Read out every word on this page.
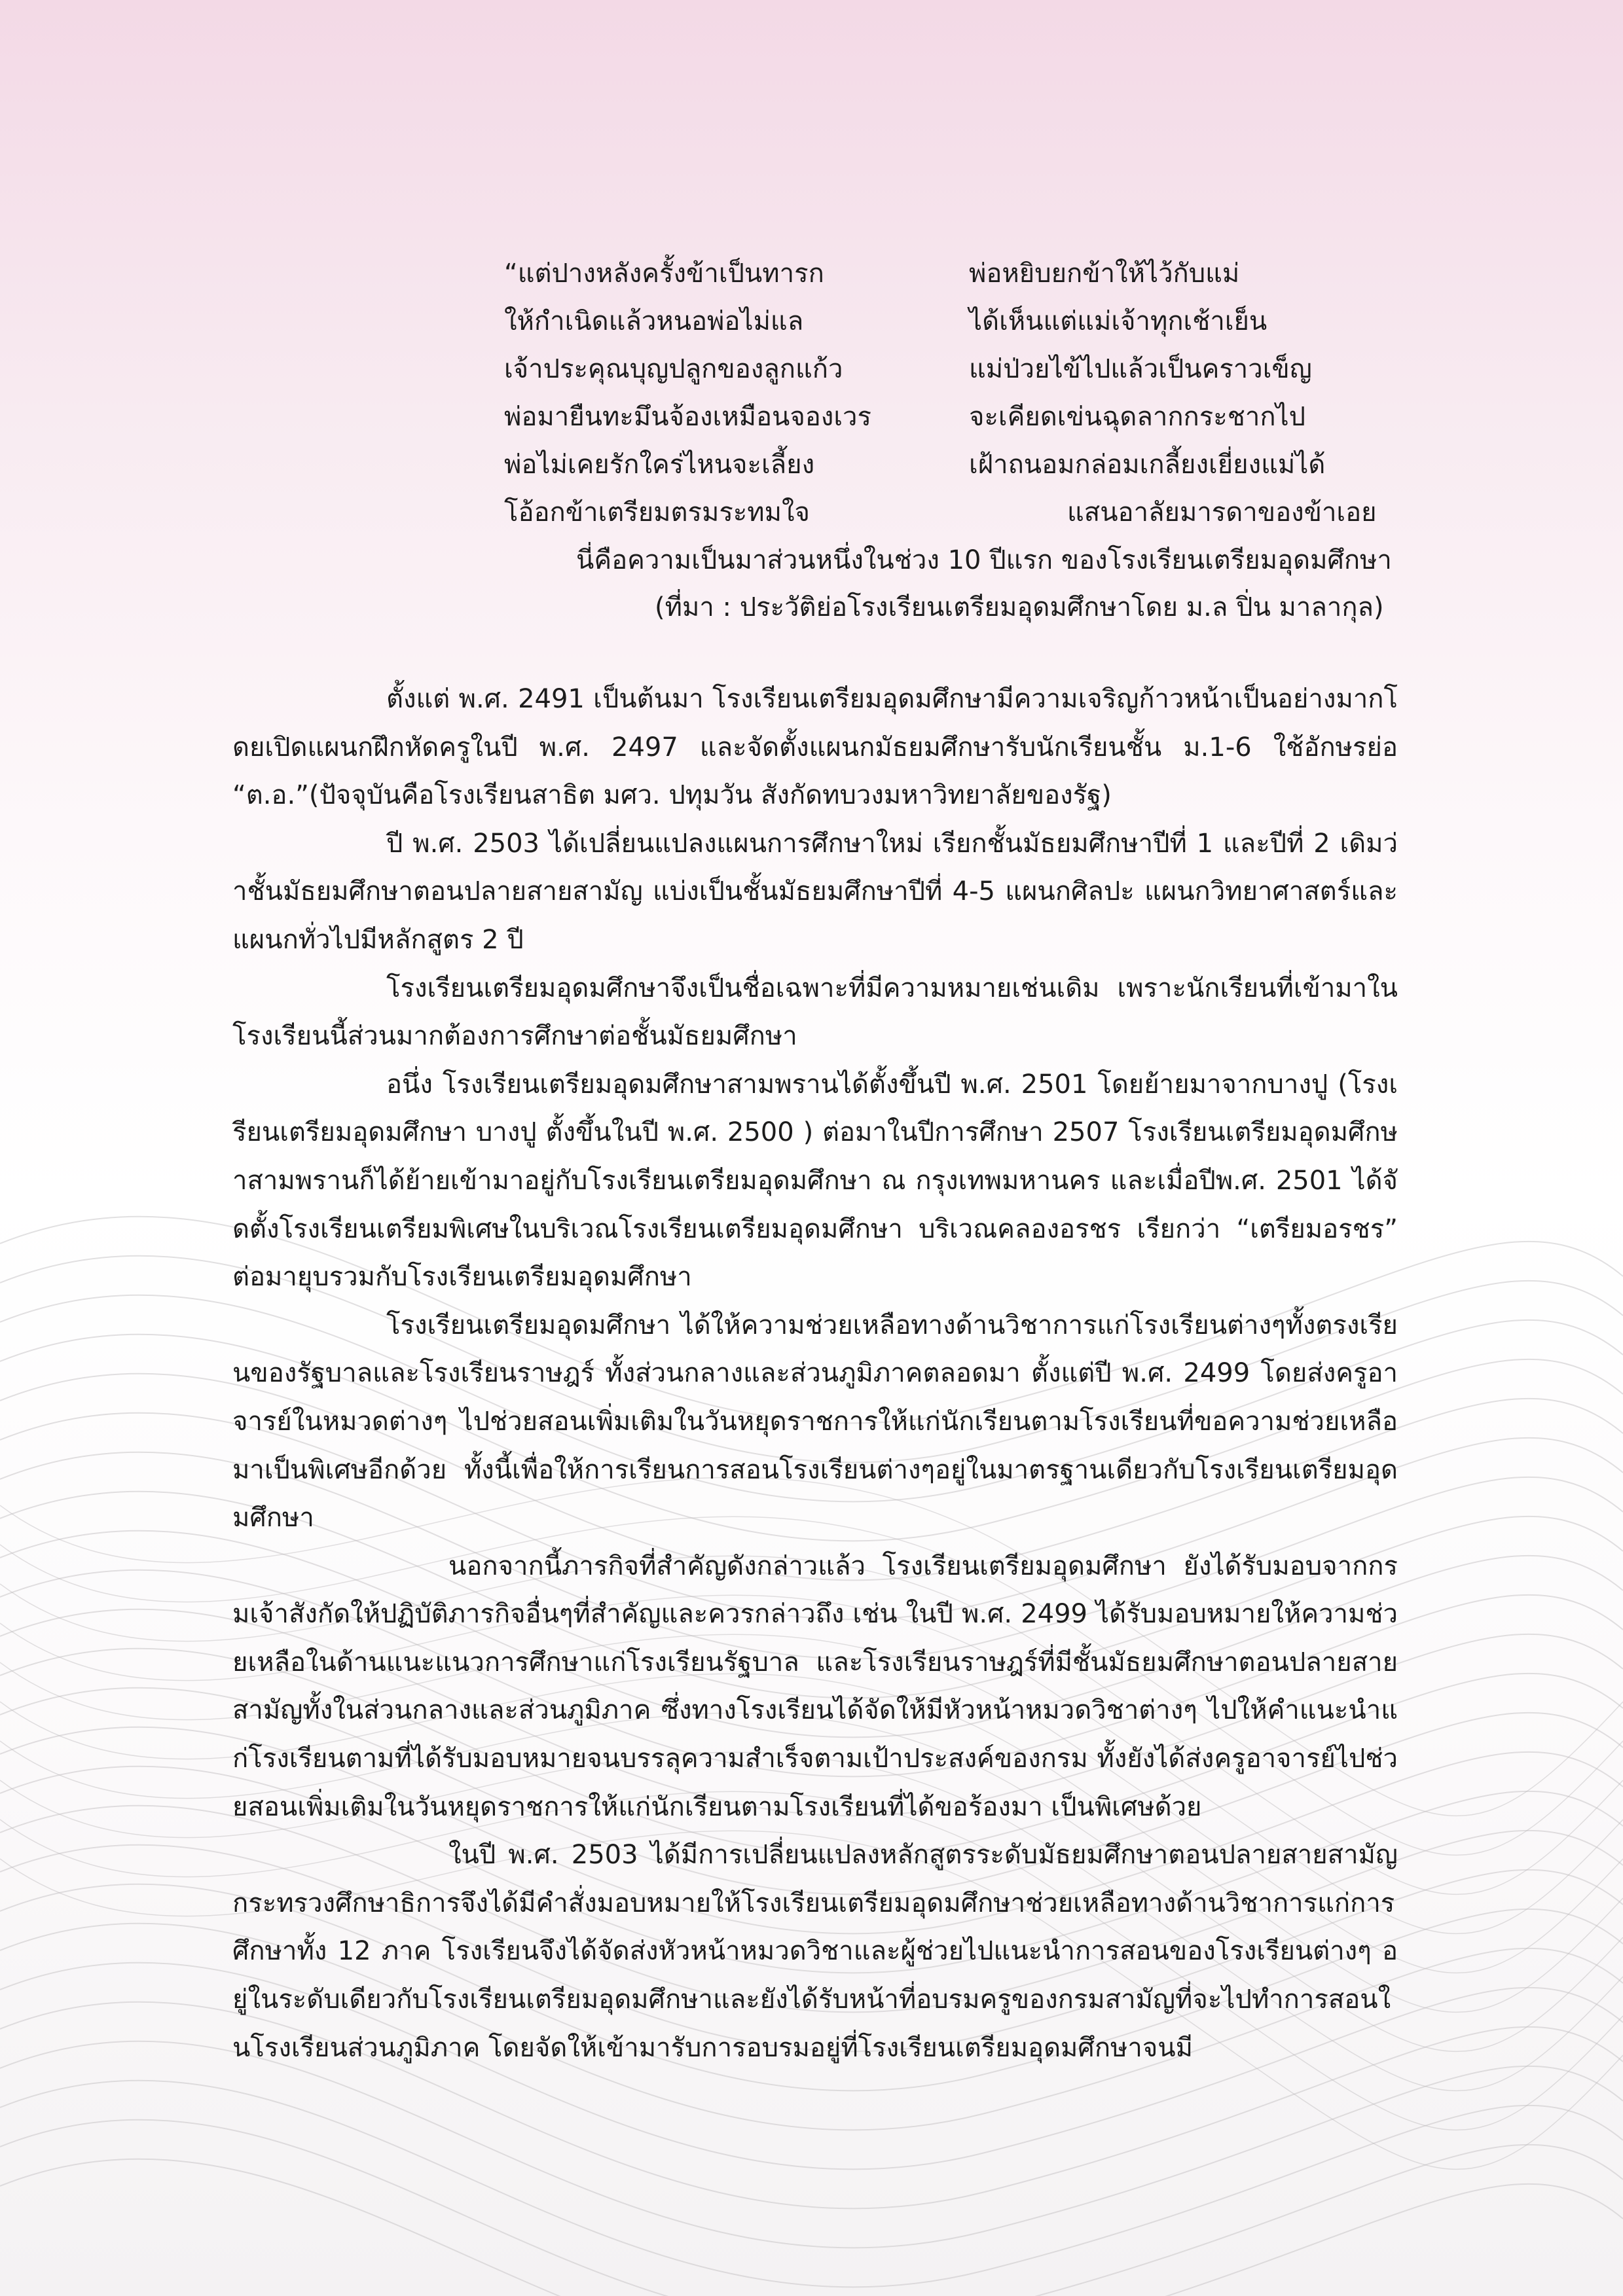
“แต่ปางหลังครั้งข้าเป็นทารก	พ่อหยิบยกข้าให้ไว้กับแม่
ให้กำเนิดแล้วหนอพ่อไม่แล	ได้เห็นแต่แม่เจ้าทุกเช้าเย็น
เจ้าประคุณบุญปลูกของลูกแก้ว	แม่ป่วยไข้ไปแล้วเป็นคราวเข็ญ
พ่อมายืนทะมึนจ้องเหมือนจองเวร	จะเคียดเข่นฉุดลากกระชากไป
พ่อไม่เคยรักใคร่ไหนจะเลี้ยง	เฝ้าถนอมกล่อมเกลี้ยงเยี่ยงแม่ได้
โอ้อกข้าเตรียมตรมระทมใจ	แสนอาลัยมารดาของข้าเอย
นี่คือความเป็นมาส่วนหนึ่งในช่วง 10 ปีแรก ของโรงเรียนเตรียมอุดมศึกษา
(ที่มา : ประวัติย่อโรงเรียนเตรียมอุดมศึกษาโดย ม.ล ปิ่น มาลากุล)

ตั้งแต่ พ.ศ. 2491 เป็นต้นมา โรงเรียนเตรียมอุดมศึกษามีความเจริญก้าวหน้าเป็นอย่างมากโดยเปิดแผนกฝึกหัดครูในปี พ.ศ. 2497 และจัดตั้งแผนกมัธยมศึกษารับนักเรียนชั้น ม.1-6 ใช้อักษรย่อ “ต.อ.”(ปัจจุบันคือโรงเรียนสาธิต มศว. ปทุมวัน สังกัดทบวงมหาวิทยาลัยของรัฐ)

ปี พ.ศ. 2503 ได้เปลี่ยนแปลงแผนการศึกษาใหม่ เรียกชั้นมัธยมศึกษาปีที่ 1 และปีที่ 2 เดิมว่าชั้นมัธยมศึกษาตอนปลายสายสามัญ แบ่งเป็นชั้นมัธยมศึกษาปีที่ 4-5 แผนกศิลปะ แผนกวิทยาศาสตร์และแผนกทั่วไปมีหลักสูตร 2 ปี

โรงเรียนเตรียมอุดมศึกษาจึงเป็นชื่อเฉพาะที่มีความหมายเช่นเดิม เพราะนักเรียนที่เข้ามาในโรงเรียนนี้ส่วนมากต้องการศึกษาต่อชั้นมัธยมศึกษา

อนึ่ง โรงเรียนเตรียมอุดมศึกษาสามพรานได้ตั้งขึ้นปี พ.ศ. 2501 โดยย้ายมาจากบางปู (โรงเรียนเตรียมอุดมศึกษา บางปู ตั้งขึ้นในปี พ.ศ. 2500 ) ต่อมาในปีการศึกษา 2507 โรงเรียนเตรียมอุดมศึกษาสามพรานก็ได้ย้ายเข้ามาอยู่กับโรงเรียนเตรียมอุดมศึกษา ณ กรุงเทพมหานคร และเมื่อปีพ.ศ. 2501 ได้จัดตั้งโรงเรียนเตรียมพิเศษในบริเวณโรงเรียนเตรียมอุดมศึกษา บริเวณคลองอรชร เรียกว่า “เตรียมอรชร” ต่อมายุบรวมกับโรงเรียนเตรียมอุดมศึกษา

โรงเรียนเตรียมอุดมศึกษา ได้ให้ความช่วยเหลือทางด้านวิชาการแก่โรงเรียนต่างๆทั้งตรงเรียนของรัฐบาลและโรงเรียนราษฎร์ ทั้งส่วนกลางและส่วนภูมิภาคตลอดมา ตั้งแต่ปี พ.ศ. 2499 โดยส่งครูอาจารย์ในหมวดต่างๆ ไปช่วยสอนเพิ่มเติมในวันหยุดราชการให้แก่นักเรียนตามโรงเรียนที่ขอความช่วยเหลือมาเป็นพิเศษอีกด้วย ทั้งนี้เพื่อให้การเรียนการสอนโรงเรียนต่างๆอยู่ในมาตรฐานเดียวกับโรงเรียนเตรียมอุดมศึกษา

นอกจากนี้ภารกิจที่สำคัญดังกล่าวแล้ว โรงเรียนเตรียมอุดมศึกษา ยังได้รับมอบจากกรมเจ้าสังกัดให้ปฏิบัติภารกิจอื่นๆที่สำคัญและควรกล่าวถึง เช่น ในปี พ.ศ. 2499 ได้รับมอบหมายให้ความช่วยเหลือในด้านแนะแนวการศึกษาแก่โรงเรียนรัฐบาล และโรงเรียนราษฎร์ที่มีชั้นมัธยมศึกษาตอนปลายสายสามัญทั้งในส่วนกลางและส่วนภูมิภาค ซึ่งทางโรงเรียนได้จัดให้มีหัวหน้าหมวดวิชาต่างๆ ไปให้คำแนะนำแก่โรงเรียนตามที่ได้รับมอบหมายจนบรรลุความสำเร็จตามเป้าประสงค์ของกรม ทั้งยังได้ส่งครูอาจารย์ไปช่วยสอนเพิ่มเติมในวันหยุดราชการให้แก่นักเรียนตามโรงเรียนที่ได้ขอร้องมา เป็นพิเศษด้วย

ในปี พ.ศ. 2503 ได้มีการเปลี่ยนแปลงหลักสูตรระดับมัธยมศึกษาตอนปลายสายสามัญ กระทรวงศึกษาธิการจึงได้มีคำสั่งมอบหมายให้โรงเรียนเตรียมอุดมศึกษาช่วยเหลือทางด้านวิชาการแก่การศึกษาทั้ง 12 ภาค โรงเรียนจึงได้จัดส่งหัวหน้าหมวดวิชาและผู้ช่วยไปแนะนำการสอนของโรงเรียนต่างๆ อยู่ในระดับเดียวกับโรงเรียนเตรียมอุดมศึกษาและยังได้รับหน้าที่อบรมครูของกรมสามัญที่จะไปทำการสอนในโรงเรียนส่วนภูมิภาค โดยจัดให้เข้ามารับการอบรมอยู่ที่โรงเรียนเตรียมอุดมศึกษาจนมี
